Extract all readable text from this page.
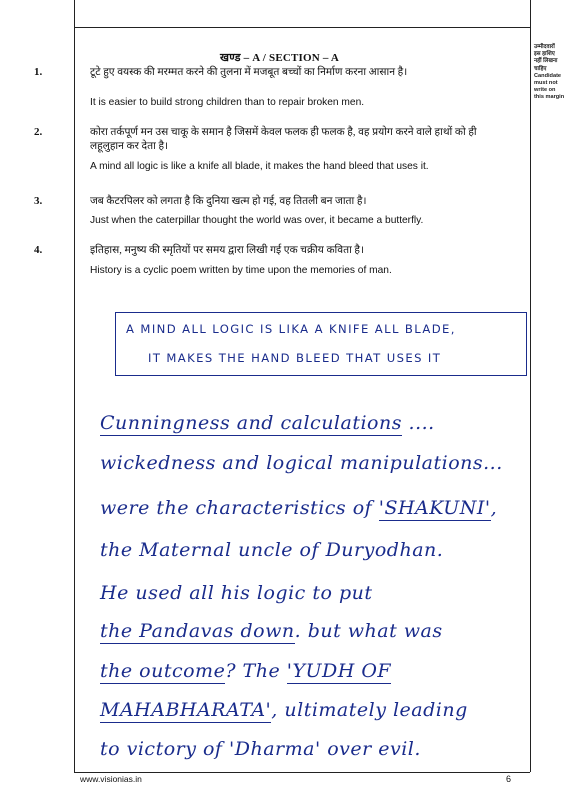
उम्मीदवारों
इस हाशिए
नहीं लिखना
चाहिए
Candidate
must not
write on
this margin
खण्ड – A / SECTION – A
1.	टूटे हुए वयस्क की मरम्मत करने की तुलना में मजबूत बच्चों का निर्माण करना आसान है।
It is easier to build strong children than to repair broken men.
2.	कोरा तर्कपूर्ण मन उस चाकू के समान है जिसमें केवल फलक ही फलक है, वह प्रयोग करने वाले हाथों को ही
लहूलुहान कर देता है।
A mind all logic is like a knife all blade, it makes the hand bleed that uses it.
3.	जब कैटरपिलर को लगता है कि दुनिया खत्म हो गई, वह तितली बन जाता है।
Just when the caterpillar thought the world was over, it became a butterfly.
4.	इतिहास, मनुष्य की स्मृतियों पर समय द्वारा लिखी गई एक चक्रीय कविता है।
History is a cyclic poem written by time upon the memories of man.
A MIND ALL LOGIC IS LIKA A KNIFE ALL BLADE,
IT MAKES THE HAND BLEED THAT USES IT
Cunningness and calculations ....
wickedness and logical manipulations...
were the characteristics of 'SHAKUNI',
the Maternal uncle of Duryodhan.
He used all his logic to put
the Pandavas down. but what was
the outcome? The 'YUDH OF
MAHABHARATA', ultimately leading
to victory of 'Dharma' over evil.
www.visionias.in	6
